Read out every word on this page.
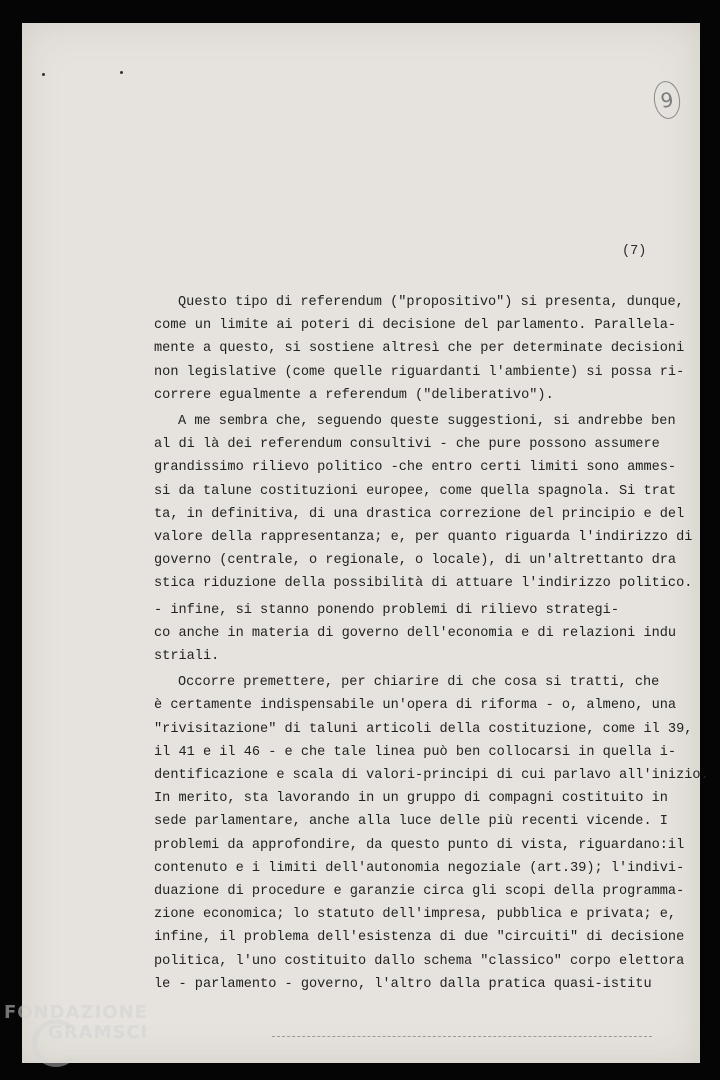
9
(7)

Questo tipo di referendum ("propositivo") si presenta, dunque,

come un limite ai poteri di decisione del parlamento. Parallela-

mente a questo, si sostiene altresì che per determinate decisioni

non legislative (come quelle riguardanti l'ambiente) si possa ri-

correre egualmente a referendum ("deliberativo").

A me sembra che, seguendo queste suggestioni, si andrebbe ben

al di là dei referendum consultivi - che pure possono assumere

grandissimo rilievo politico -che entro certi limiti sono ammes-

si da talune costituzioni europee, come quella spagnola. Si trat

ta, in definitiva, di una drastica correzione del principio e del

valore della rappresentanza; e, per quanto riguarda l'indirizzo di

governo (centrale, o regionale, o locale), di un'altrettanto dra

stica riduzione della possibilità di attuare l'indirizzo politico.

- infine, si stanno ponendo problemi di rilievo strategi-

co anche in materia di governo dell'economia e di relazioni indu

striali.

Occorre premettere, per chiarire di che cosa si tratti, che

è certamente indispensabile un'opera di riforma - o, almeno, una

"rivisitazione" di taluni articoli della costituzione, come il 39,

il 41 e il 46 - e che tale linea può ben collocarsi in quella i-

dentificazione e scala di valori-principi di cui parlavo all'inizio.

In merito, sta lavorando in un gruppo di compagni costituito in

sede parlamentare, anche alla luce delle più recenti vicende. I

problemi da approfondire, da questo punto di vista, riguardano:il

contenuto e i limiti dell'autonomia negoziale (art.39); l'indivi-

duazione di procedure e garanzie circa gli scopi della programma-

zione economica; lo statuto dell'impresa, pubblica e privata; e,

infine, il problema dell'esistenza di due "circuiti" di decisione

politica, l'uno costituito dallo schema "classico" corpo elettora

le - parlamento - governo, l'altro dalla pratica quasi-istitu

FONDAZIONE
GRAMSCI
